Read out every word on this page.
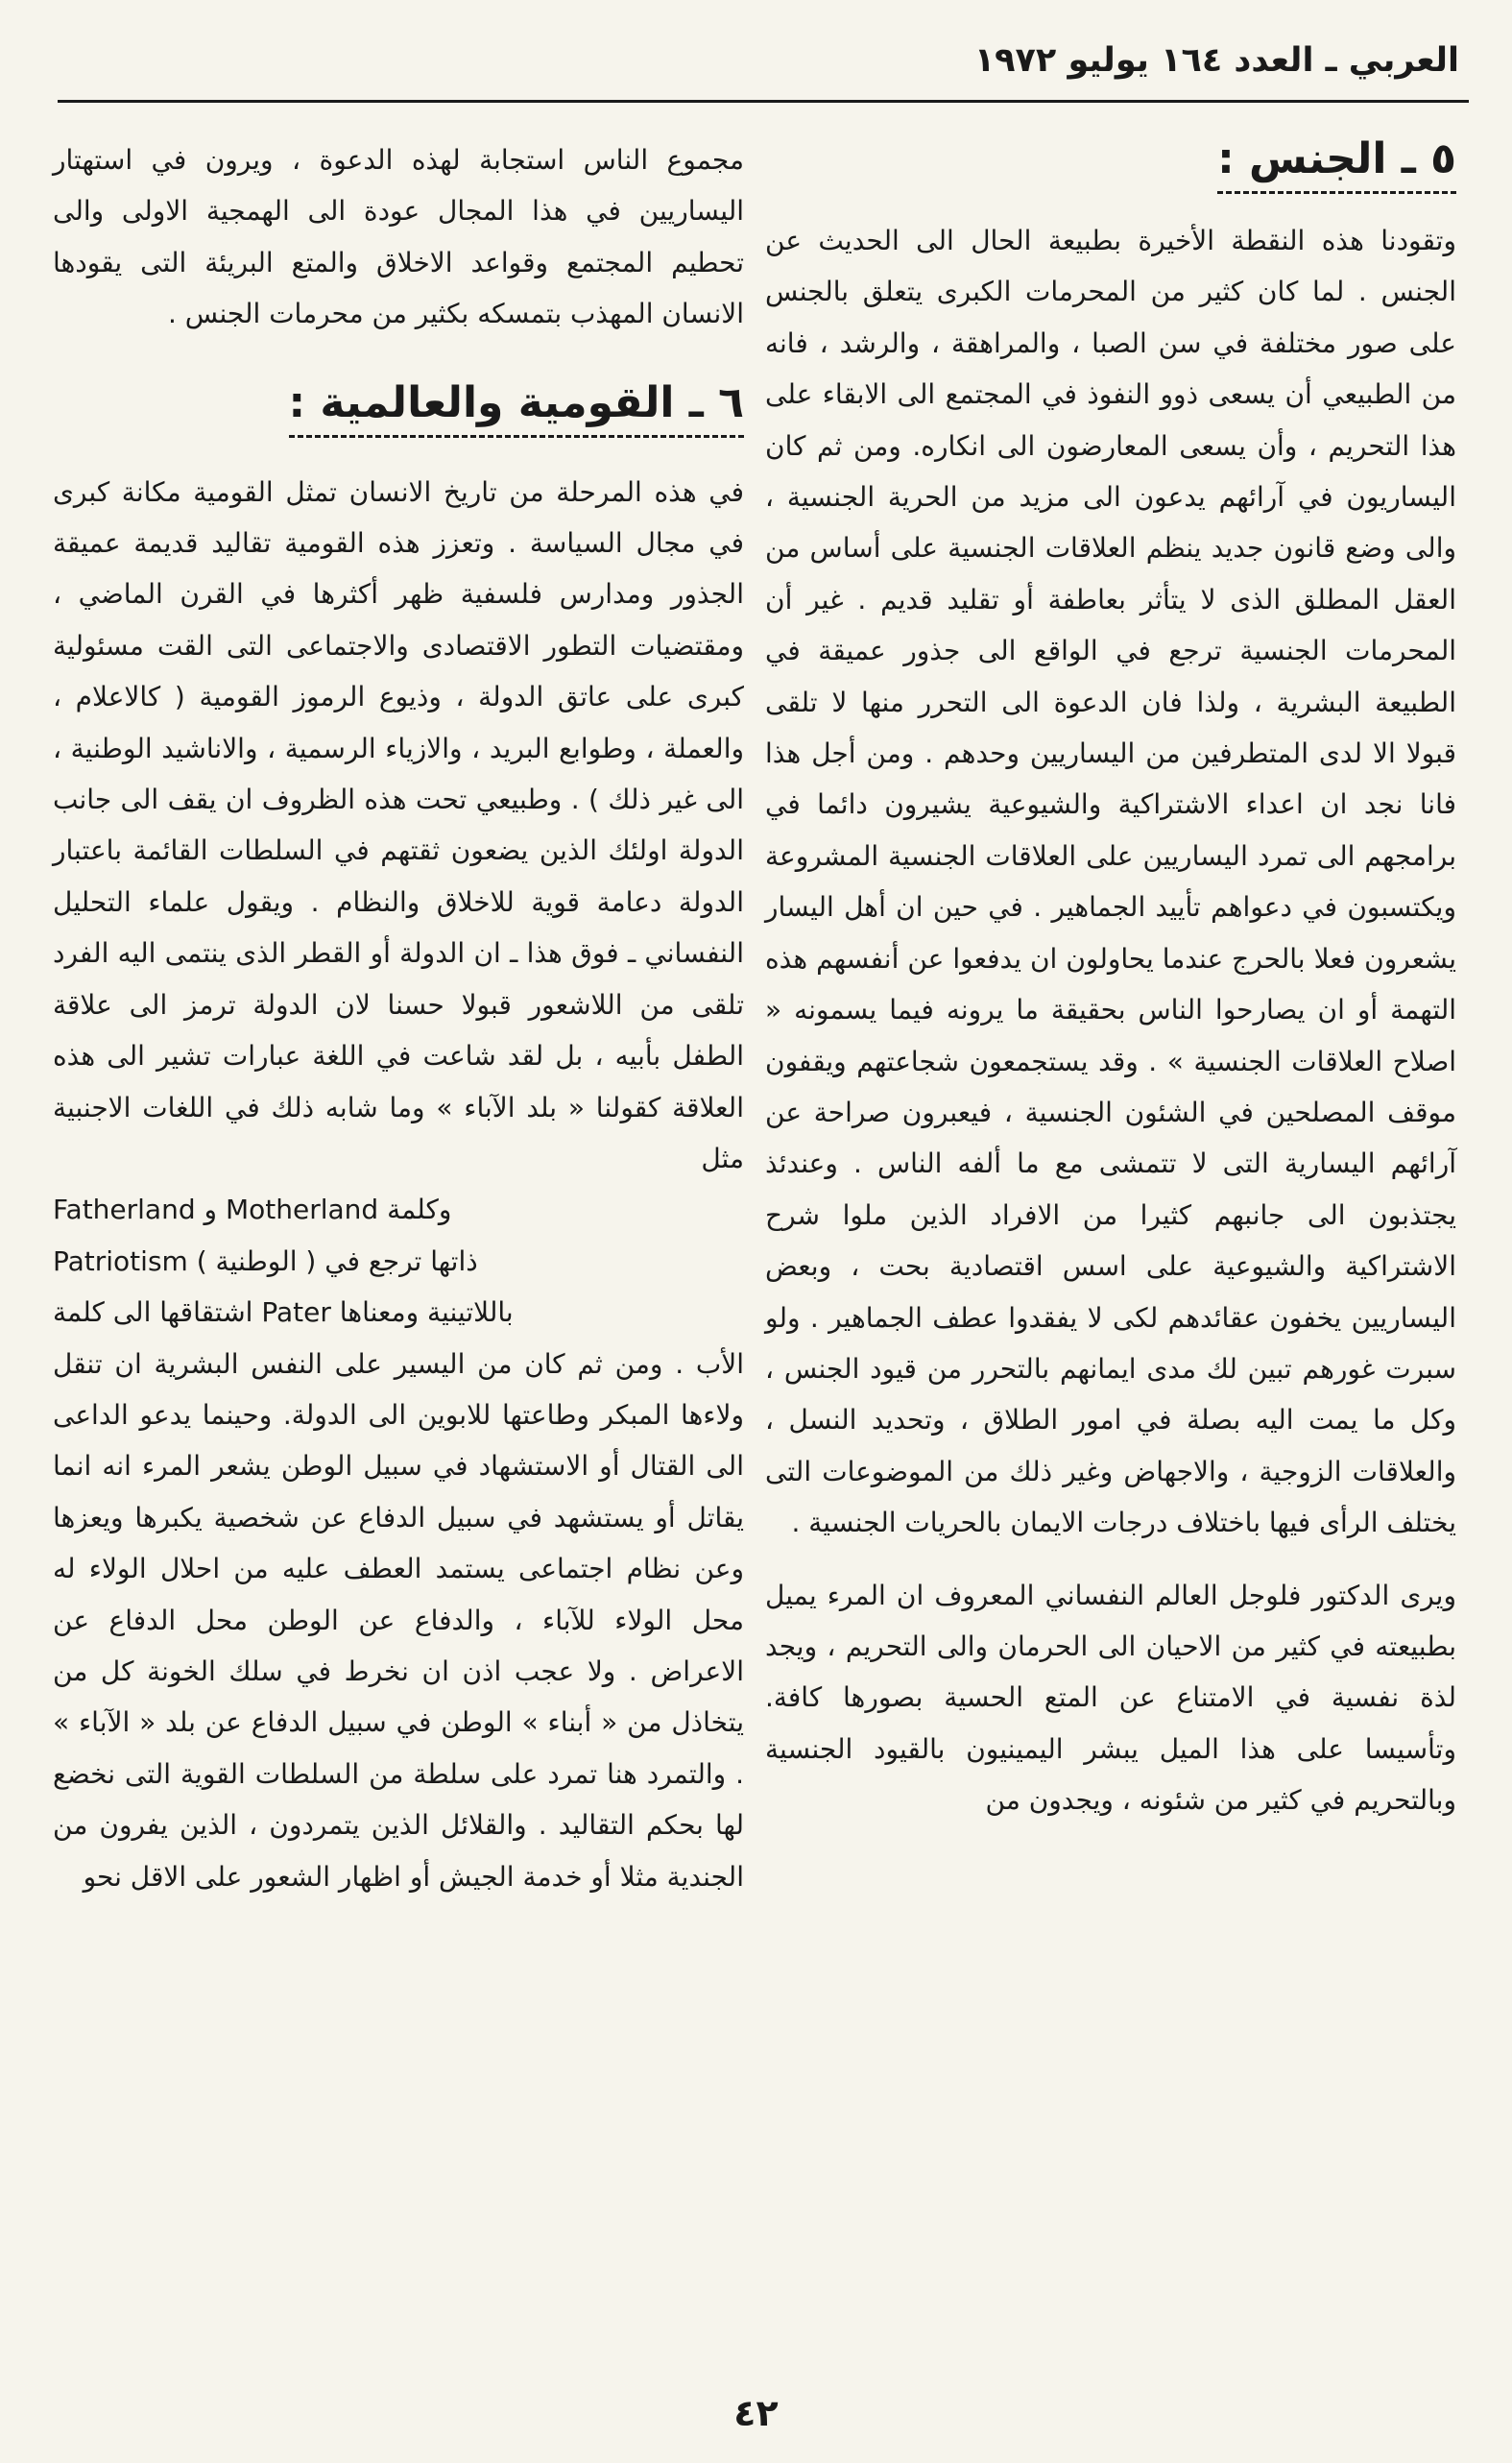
العربي ـ العدد ١٦٤ يوليو ١٩٧٢
٥ ـ الجنس :

وتقودنا هذه النقطة الأخيرة بطبيعة الحال الى الحديث عن الجنس . لما كان كثير من المحرمات الكبرى يتعلق بالجنس على صور مختلفة في سن الصبا ، والمراهقة ، والرشد ، فانه من الطبيعي أن يسعى ذوو النفوذ في المجتمع الى الابقاء على هذا التحريم ، وأن يسعى المعارضون الى انكاره. ومن ثم كان اليساريون في آرائهم يدعون الى مزيد من الحرية الجنسية ، والى وضع قانون جديد ينظم العلاقات الجنسية على أساس من العقل المطلق الذى لا يتأثر بعاطفة أو تقليد قديم . غير أن المحرمات الجنسية ترجع في الواقع الى جذور عميقة في الطبيعة البشرية ، ولذا فان الدعوة الى التحرر منها لا تلقى قبولا الا لدى المتطرفين من اليساريين وحدهم . ومن أجل هذا فانا نجد ان اعداء الاشتراكية والشيوعية يشيرون دائما في برامجهم الى تمرد اليساريين على العلاقات الجنسية المشروعة ويكتسبون في دعواهم تأييد الجماهير . في حين ان أهل اليسار يشعرون فعلا بالحرج عندما يحاولون ان يدفعوا عن أنفسهم هذه التهمة أو ان يصارحوا الناس بحقيقة ما يرونه فيما يسمونه « اصلاح العلاقات الجنسية » . وقد يستجمعون شجاعتهم ويقفون موقف المصلحين في الشئون الجنسية ، فيعبرون صراحة عن آرائهم اليسارية التى لا تتمشى مع ما ألفه الناس . وعندئذ يجتذبون الى جانبهم كثيرا من الافراد الذين ملوا شرح الاشتراكية والشيوعية على اسس اقتصادية بحت ، وبعض اليساريين يخفون عقائدهم لكى لا يفقدوا عطف الجماهير . ولو سبرت غورهم تبين لك مدى ايمانهم بالتحرر من قيود الجنس ، وكل ما يمت اليه بصلة في امور الطلاق ، وتحديد النسل ، والعلاقات الزوجية ، والاجهاض وغير ذلك من الموضوعات التى يختلف الرأى فيها باختلاف درجات الايمان بالحريات الجنسية .

ويرى الدكتور فلوجل العالم النفساني المعروف ان المرء يميل بطبيعته في كثير من الاحيان الى الحرمان والى التحريم ، ويجد لذة نفسية في الامتناع عن المتع الحسية بصورها كافة. وتأسيسا على هذا الميل يبشر اليمينيون بالقيود الجنسية وبالتحريم في كثير من شئونه ، ويجدون من

مجموع الناس استجابة لهذه الدعوة ، ويرون في استهتار اليساريين في هذا المجال عودة الى الهمجية الاولى والى تحطيم المجتمع وقواعد الاخلاق والمتع البريئة التى يقودها الانسان المهذب بتمسكه بكثير من محرمات الجنس .

٦ ـ القومية والعالمية :

في هذه المرحلة من تاريخ الانسان تمثل القومية مكانة كبرى في مجال السياسة . وتعزز هذه القومية تقاليد قديمة عميقة الجذور ومدارس فلسفية ظهر أكثرها في القرن الماضي ، ومقتضيات التطور الاقتصادى والاجتماعى التى القت مسئولية كبرى على عاتق الدولة ، وذيوع الرموز القومية ( كالاعلام ، والعملة ، وطوابع البريد ، والازياء الرسمية ، والاناشيد الوطنية ، الى غير ذلك ) . وطبيعي تحت هذه الظروف ان يقف الى جانب الدولة اولئك الذين يضعون ثقتهم في السلطات القائمة باعتبار الدولة دعامة قوية للاخلاق والنظام . ويقول علماء التحليل النفساني ـ فوق هذا ـ ان الدولة أو القطر الذى ينتمى اليه الفرد تلقى من اللاشعور قبولا حسنا لان الدولة ترمز الى علاقة الطفل بأبيه ، بل لقد شاعت في اللغة عبارات تشير الى هذه العلاقة كقولنا « بلد الآباء » وما شابه ذلك في اللغات الاجنبية مثل

Fatherland و Motherland وكلمة
Patriotism ( الوطنية ) ذاتها ترجع في
اشتقاقها الى كلمة Pater باللاتينية ومعناها

الأب . ومن ثم كان من اليسير على النفس البشرية ان تنقل ولاءها المبكر وطاعتها للابوين الى الدولة. وحينما يدعو الداعى الى القتال أو الاستشهاد في سبيل الوطن يشعر المرء انه انما يقاتل أو يستشهد في سبيل الدفاع عن شخصية يكبرها ويعزها وعن نظام اجتماعى يستمد العطف عليه من احلال الولاء له محل الولاء للآباء ، والدفاع عن الوطن محل الدفاع عن الاعراض . ولا عجب اذن ان نخرط في سلك الخونة كل من يتخاذل من « أبناء » الوطن في سبيل الدفاع عن بلد « الآباء » . والتمرد هنا تمرد على سلطة من السلطات القوية التى نخضع لها بحكم التقاليد . والقلائل الذين يتمردون ، الذين يفرون من الجندية مثلا أو خدمة الجيش أو اظهار الشعور على الاقل نحو

٤٢
